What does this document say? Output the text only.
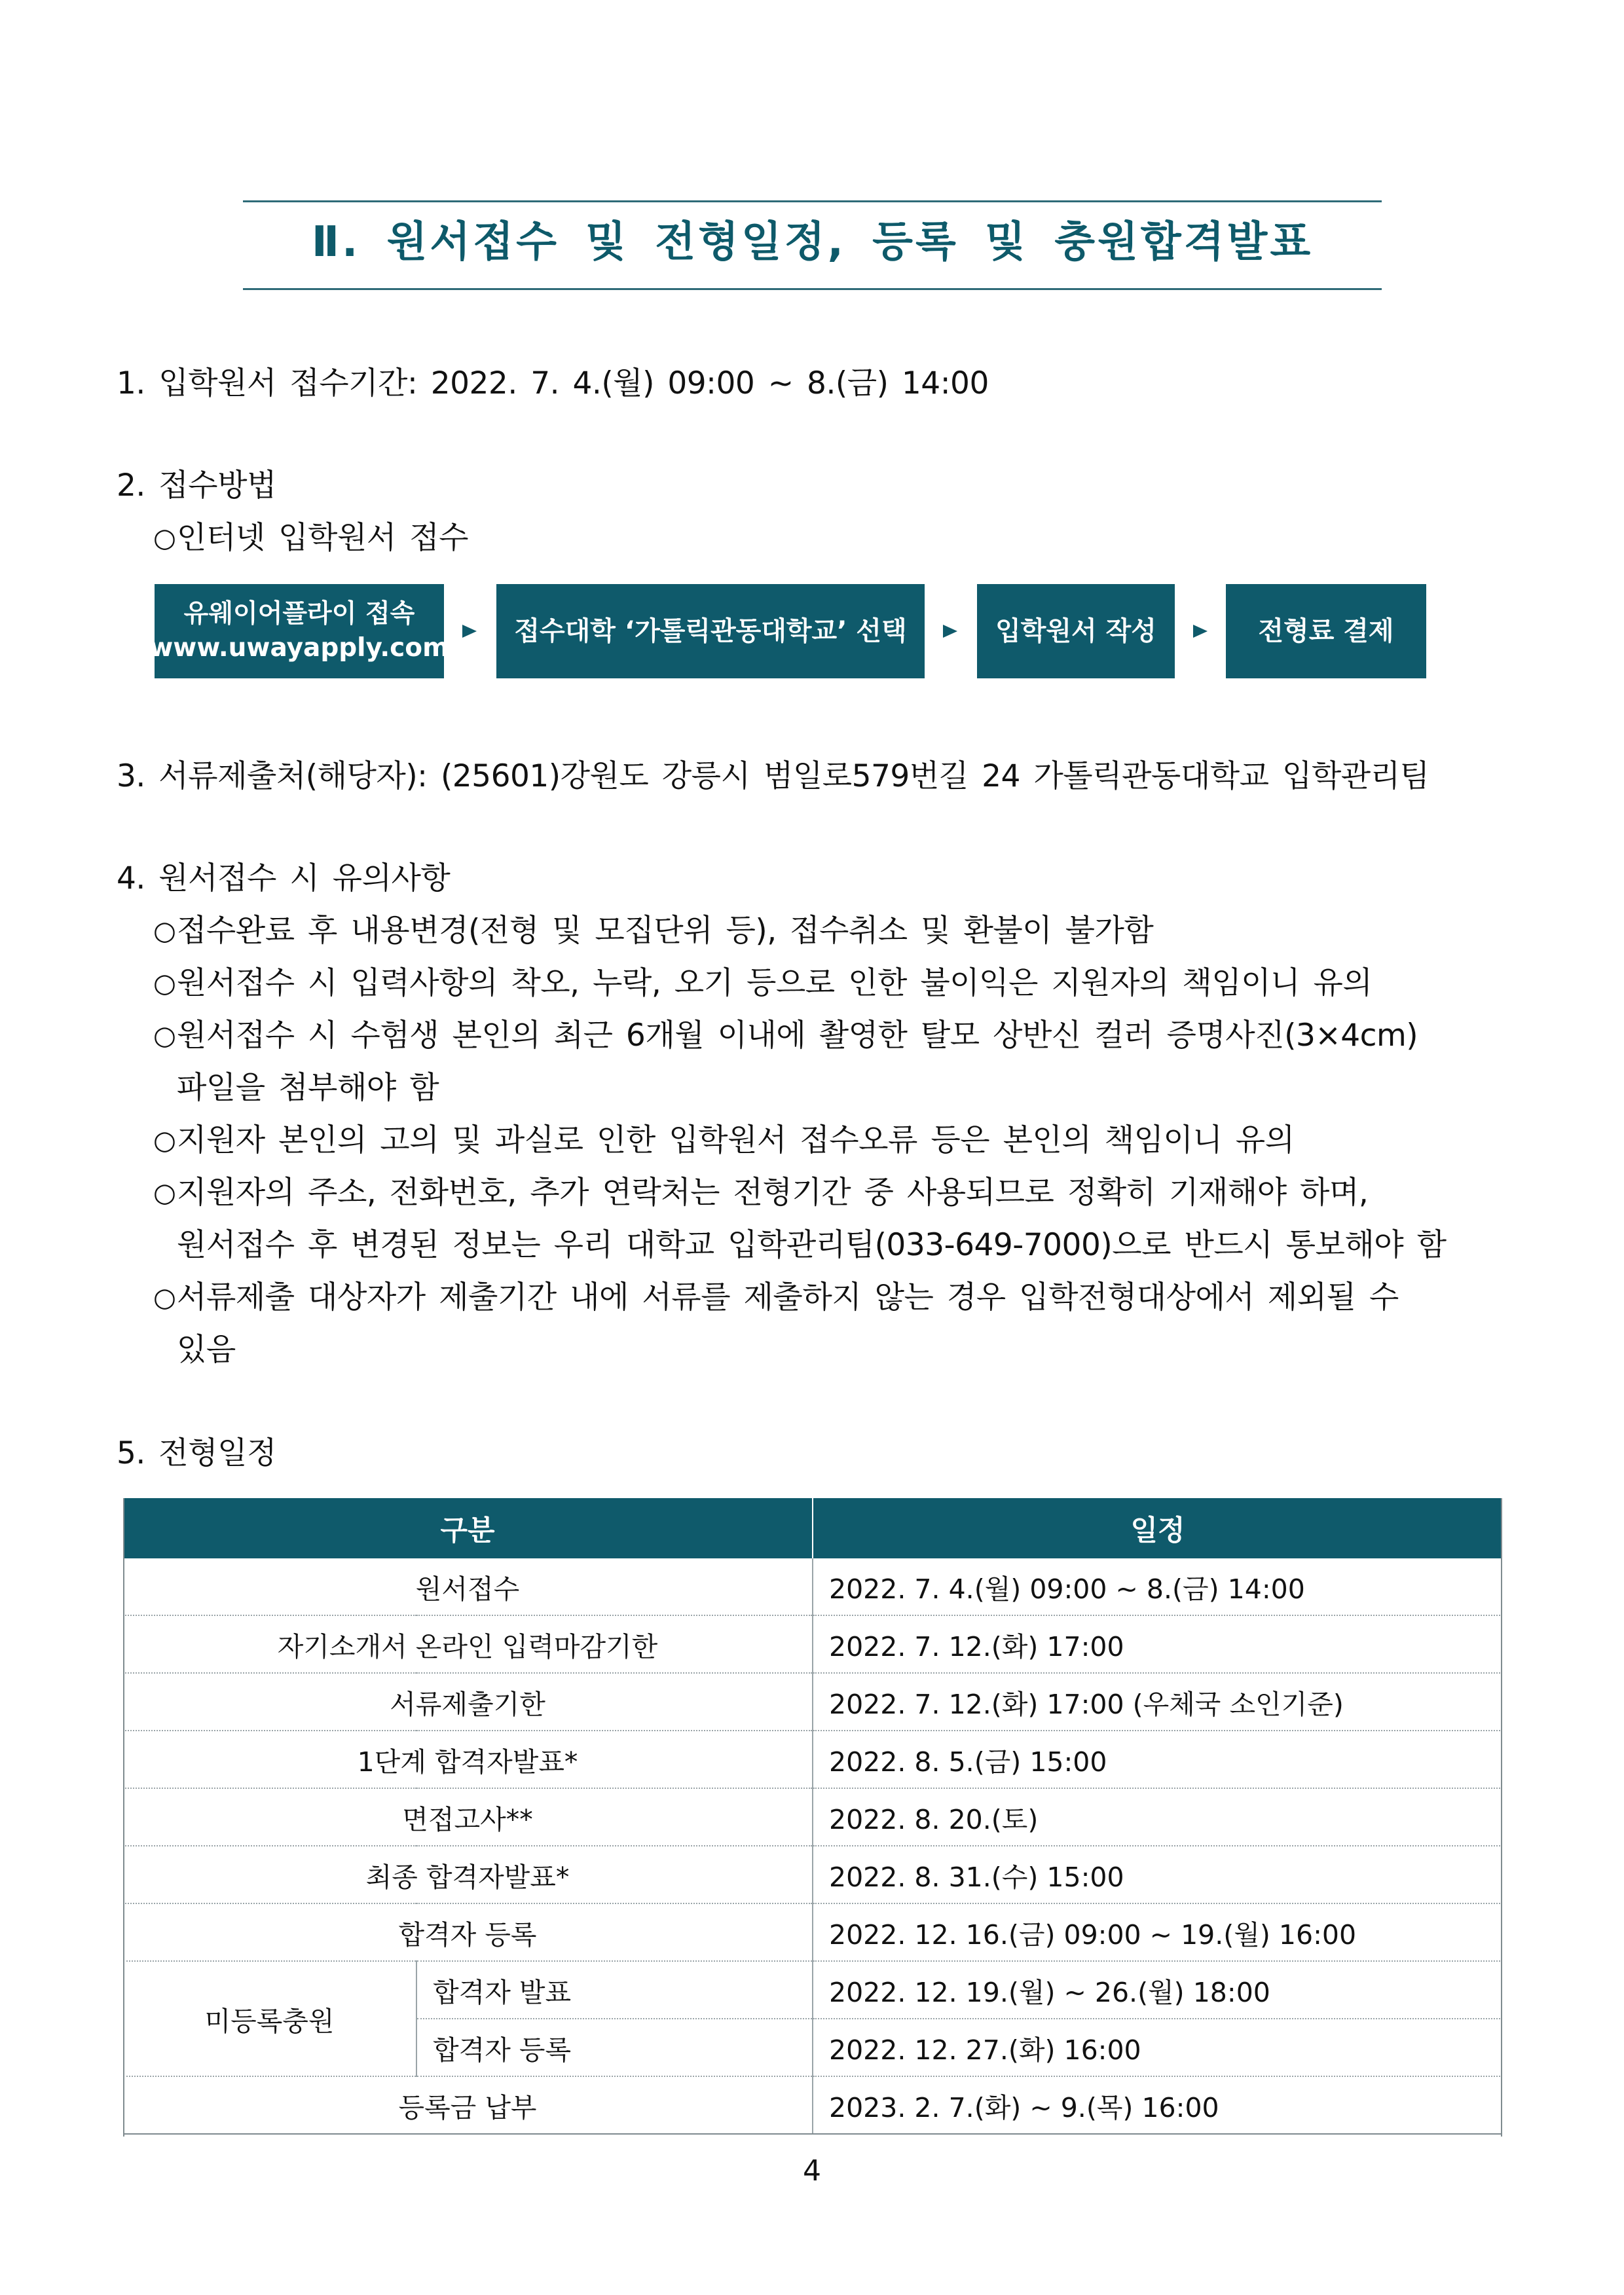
Ⅱ. 원서접수 및 전형일정, 등록 및 충원합격발표
1. 입학원서 접수기간: 2022. 7. 4.(월) 09:00 ~ 8.(금) 14:00
2. 접수방법
○인터넷 입학원서 접수
유웨이어플라이 접속
(www.uwayapply.com)
접수대학 ‘가톨릭관동대학교’ 선택	입학원서 작성	전형료 결제
3. 서류제출처(해당자): (25601)강원도 강릉시 범일로579번길 24 가톨릭관동대학교 입학관리팀
4. 원서접수 시 유의사항
○접수완료 후 내용변경(전형 및 모집단위 등), 접수취소 및 환불이 불가함
○원서접수 시 입력사항의 착오, 누락, 오기 등으로 인한 불이익은 지원자의 책임이니 유의
○원서접수 시 수험생 본인의 최근 6개월 이내에 촬영한 탈모 상반신 컬러 증명사진(3×4cm)
파일을 첨부해야 함
○지원자 본인의 고의 및 과실로 인한 입학원서 접수오류 등은 본인의 책임이니 유의
○지원자의 주소, 전화번호, 추가 연락처는 전형기간 중 사용되므로 정확히 기재해야 하며,
원서접수 후 변경된 정보는 우리 대학교 입학관리팀(033-649-7000)으로 반드시 통보해야 함
○서류제출 대상자가 제출기간 내에 서류를 제출하지 않는 경우 입학전형대상에서 제외될 수
있음
5. 전형일정
구분		일정
원서접수		2022. 7. 4.(월) 09:00 ~ 8.(금) 14:00
자기소개서 온라인 입력마감기한		2022. 7. 12.(화) 17:00
서류제출기한		2022. 7. 12.(화) 17:00 (우체국 소인기준)
1단계 합격자발표*		2022. 8. 5.(금) 15:00
면접고사**		2022. 8. 20.(토)
최종 합격자발표*		2022. 8. 31.(수) 15:00
합격자 등록		2022. 12. 16.(금) 09:00 ~ 19.(월) 16:00
미등록충원	합격자 발표	2022. 12. 19.(월) ~ 26.(월) 18:00
	합격자 등록	2022. 12. 27.(화) 16:00
등록금 납부		2023. 2. 7.(화) ~ 9.(목) 16:00
4
